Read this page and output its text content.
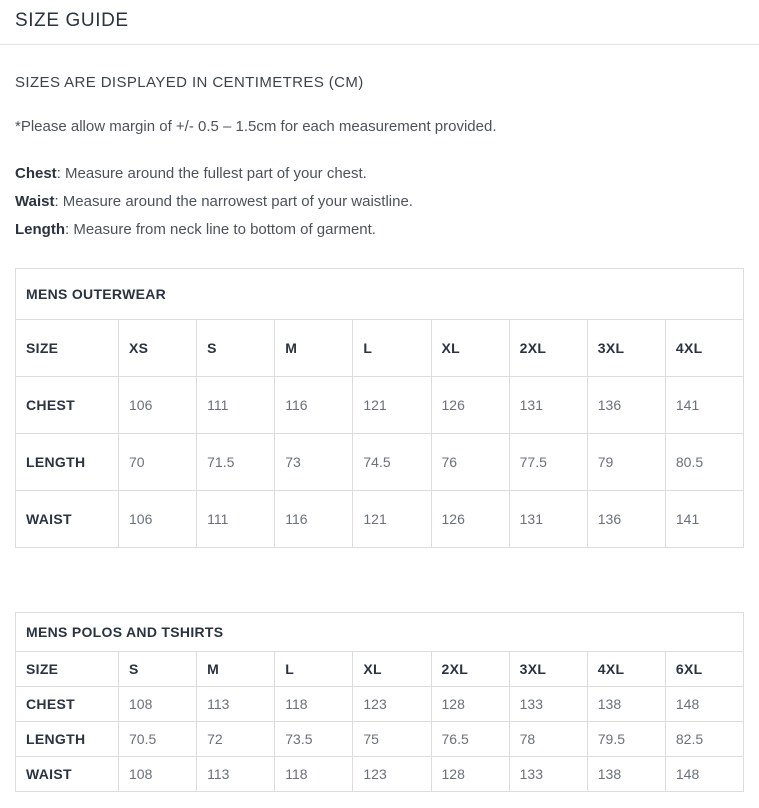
SIZE GUIDE

SIZES ARE DISPLAYED IN CENTIMETRES (CM)

*Please allow margin of +/- 0.5 – 1.5cm for each measurement provided.

Chest: Measure around the fullest part of your chest.

Waist: Measure around the narrowest part of your waistline.

Length: Measure from neck line to bottom of garment.

MENS OUTERWEAR								
SIZE	XS	S	M	L	XL	2XL	3XL	4XL
CHEST	106	111	116	121	126	131	136	141
LENGTH	70	71.5	73	74.5	76	77.5	79	80.5
WAIST	106	111	116	121	126	131	136	141
MENS POLOS AND TSHIRTS								
SIZE	S	M	L	XL	2XL	3XL	4XL	6XL
CHEST	108	113	118	123	128	133	138	148
LENGTH	70.5	72	73.5	75	76.5	78	79.5	82.5
WAIST	108	113	118	123	128	133	138	148
